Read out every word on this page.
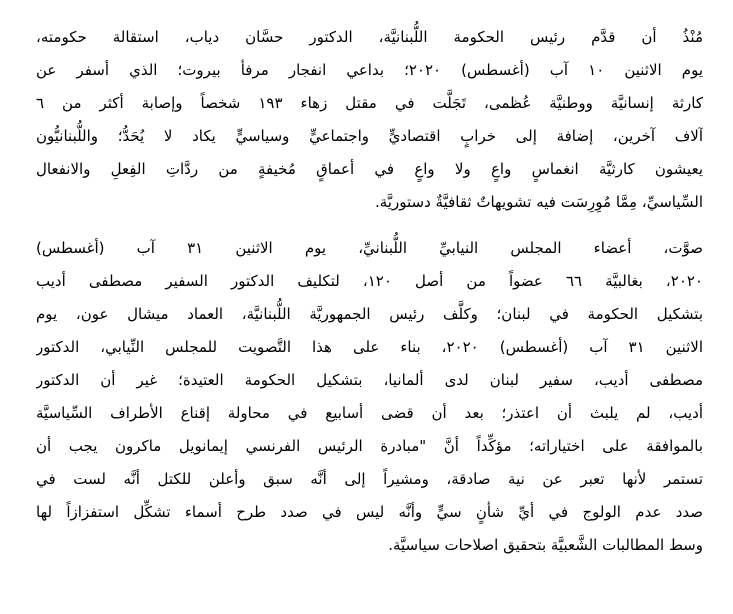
مُنْذُ أن قدَّم رئيس الحكومة اللُّبنانيَّة، الدكتور حسَّان دياب، استقالة حكومته،
يوم الاثنين ١٠ آب (أغسطس) ٢٠٢٠؛ بداعي انفجار مرفأ بيروت؛ الذي أسفر عن
كارثة إنسانيَّة ووطنيَّة عُظمى، تَجَلَّت في مقتل زهاء ١٩٣ شخصاً وإصابة أكثر من ٦
آلاف آخرين، إضافة إلى خرابٍ اقتصاديٍّ واجتماعيٍّ وسياسيٍّ يكاد لا يُحَدُّ؛ واللُّبنانيُّون
يعيشون كارثيَّة انغماسٍ واعٍ ولا واعٍ في أعماقٍ مُخيفةٍ من ردَّاتِ الفِعلِ والانفعال
السِّياسيِّ، مِمَّا مُوِرِسَت فيه تشويهاتٌ ثقافيَّةٌ دستوريَّة.
صوَّت، أعضاء المجلس النيابيِّ اللُّبنانيِّ، يوم الاثنين ٣١ آب (أغسطس)
٢٠٢٠، بغالبيَّة ٦٦ عضواً من أصل ١٢٠، لتكليف الدكتور السفير مصطفى أديب
بتشكيل الحكومة في لبنان؛ وكلَّف رئيس الجمهوريَّة اللُّبنانيَّة، العماد ميشال عون، يوم
الاثنين ٣١ آب (أغسطس) ٢٠٢٠، بناء على هذا التَّصويت للمجلس النِّيابي، الدكتور
مصطفى أديب، سفير لبنان لدى ألمانيا، بتشكيل الحكومة العتيدة؛ غير أن الدكتور
أديب، لم يلبث أن اعتذر؛ بعد أن قضى أسابيع في محاولة إقناع الأطراف السِّياسيَّة
بالموافقة على اختياراته؛ مؤكِّداً أنَّ "مبادرة الرئيس الفرنسي إيمانويل ماكرون يجب أن
تستمر لأنها تعبر عن نية صادقة، ومشيراً إلى أنَّه سبق وأعلن للكتل أنَّه لست في
صدد عدم الولوج في أيِّ شأنٍ سيٍّ وأنَّه ليس في صدد طرح أسماء تشكِّل استفزازاً لها
وسط المطالبات الشَّعبيَّة بتحقيق اصلاحات سياسيَّة.
